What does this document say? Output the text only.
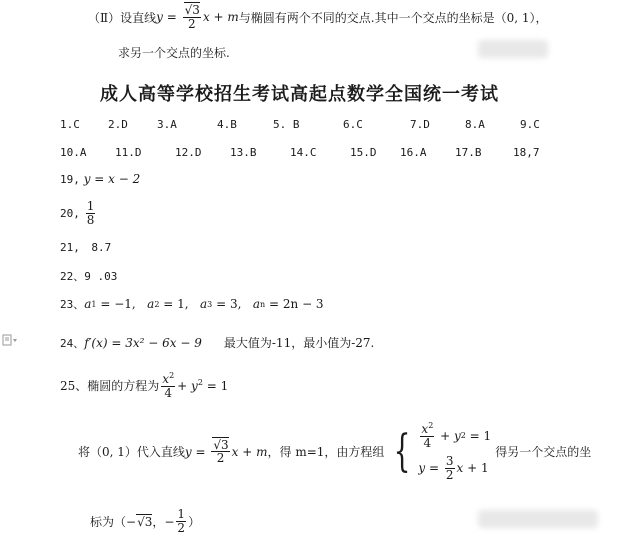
（Ⅱ）设直线 y = √ $\frac{3}{2}$ x + m 与椭圆有两个不同的交点.其中一个交点的坐标是（0, 1），
求另一个交点的坐标.
成人高等学校招生考试高起点数学全国统一考试
1.C	2.D	3.A	4.B	5. B	6.C	7.D	8.A	9.C
10.A	11.D	12.D	13.B	14.C	15.D 16.A	17.B	18,7
19,
y = x − 2
20,
$\frac{1}{8}$
21,
8.7
22、9 .03
23、 a 1
= −1,
a 2
= 1,
a 3
= 3,
a n
= 2n − 3
24、 f′(x)
= 3x² − 6x − 9 最大值为-11，最小值为-27.
25、椭圆的方程为 $\frac{x^2}{4} + y^2 = 1$
将（0, 1）代入直线 y = √ $\frac{3}{2}$ x + m ，得 m=1，由方程组 { $\frac{x^2}{4} + y$ 2 = 1
$y = \frac{3}{2}$ x + 1
得另一个交点的坐
标为（− √ 3 ，− $\frac{1}{2}$ ）
